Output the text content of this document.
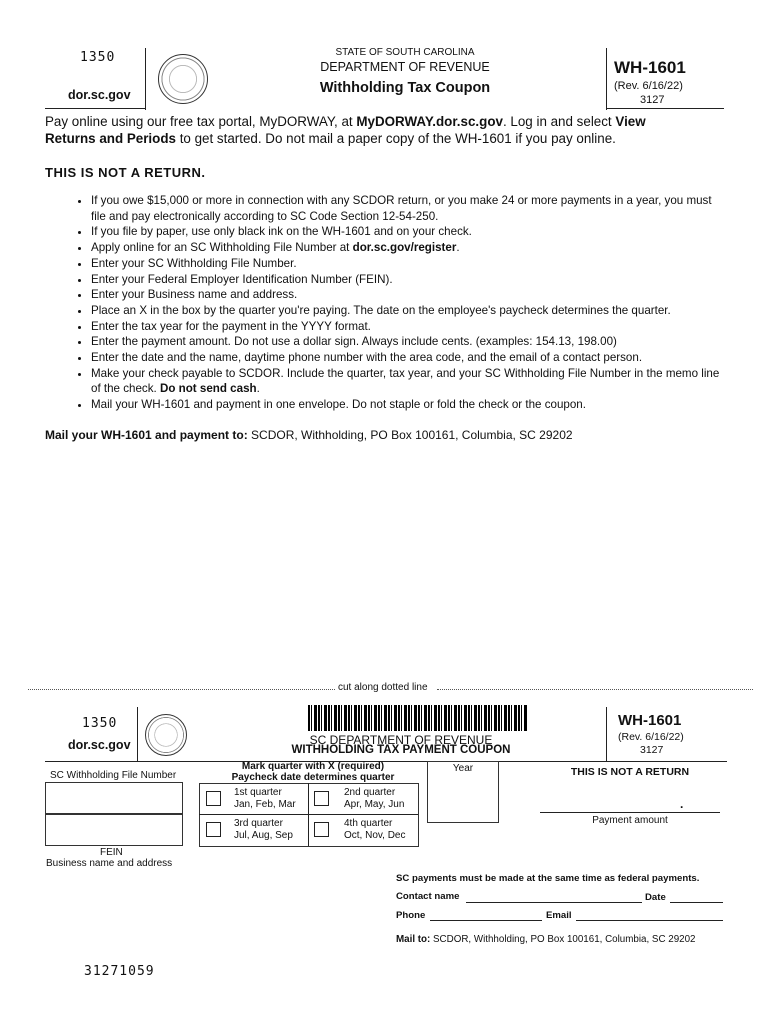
1350
dor.sc.gov
STATE OF SOUTH CAROLINA
DEPARTMENT OF REVENUE
Withholding Tax Coupon
WH-1601
(Rev. 6/16/22)
3127
Pay online using our free tax portal, MyDORWAY, at MyDORWAY.dor.sc.gov. Log in and select View
Returns and Periods to get started. Do not mail a paper copy of the WH-1601 if you pay online.
THIS IS NOT A RETURN.
• If you owe $15,000 or more in connection with any SCDOR return, or you make 24 or more payments in a year, you must file and pay electronically according to SC Code Section 12-54-250.
• If you file by paper, use only black ink on the WH-1601 and on your check.
• Apply online for an SC Withholding File Number at dor.sc.gov/register.
• Enter your SC Withholding File Number.
• Enter your Federal Employer Identification Number (FEIN).
• Enter your Business name and address.
• Place an X in the box by the quarter you're paying. The date on the employee's paycheck determines the quarter.
• Enter the tax year for the payment in the YYYY format.
• Enter the payment amount. Do not use a dollar sign. Always include cents. (examples: 154.13, 198.00)
• Enter the date and the name, daytime phone number with the area code, and the email of a contact person.
• Make your check payable to SCDOR. Include the quarter, tax year, and your SC Withholding File Number in the memo line of the check. Do not send cash.
• Mail your WH-1601 and payment in one envelope. Do not staple or fold the check or the coupon.
Mail your WH-1601 and payment to: SCDOR, Withholding, PO Box 100161, Columbia, SC 29202
cut along dotted line
1350
dor.sc.gov	SC DEPARTMENT OF REVENUE
WITHHOLDING TAX PAYMENT COUPON
WH-1601
(Rev. 6/16/22)
3127
SC Withholding File Number
FEIN
Business name and address
Mark quarter with X (required)
Paycheck date determines quarter
1st quarter
Jan, Feb, Mar
2nd quarter
Apr, May, Jun
3rd quarter
Jul, Aug, Sep
4th quarter
Oct, Nov, Dec
Year	THIS IS NOT A RETURN
.
Payment amount
SC payments must be made at the same time as federal payments.
Contact name	Date
Phone	Email
Mail to: SCDOR, Withholding, PO Box 100161, Columbia, SC 29202
31271059
